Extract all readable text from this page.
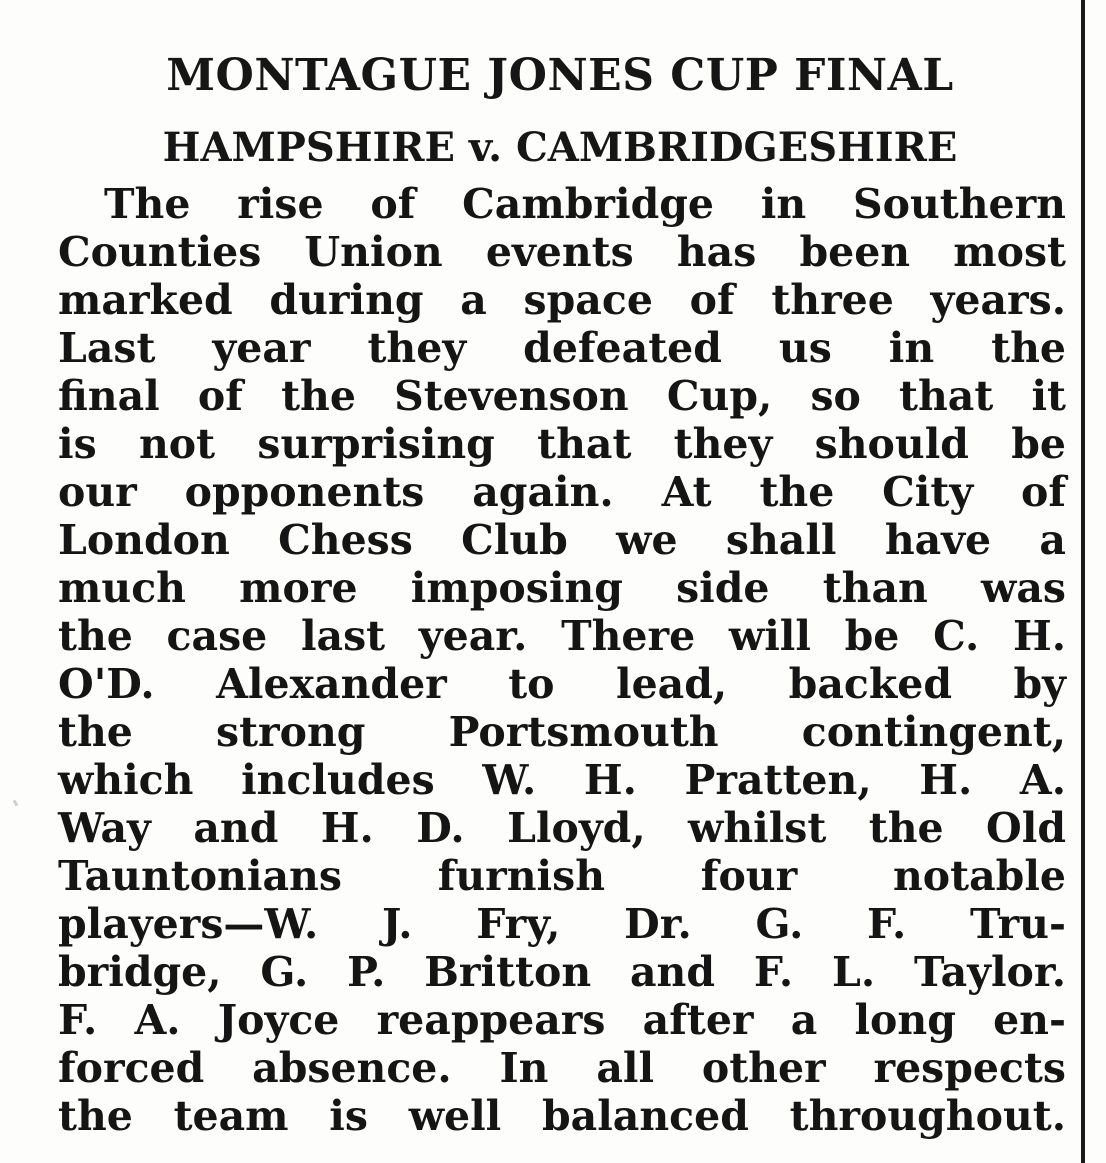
MONTAGUE JONES CUP FINAL
HAMPSHIRE v. CAMBRIDGESHIRE
The rise of Cambridge in Southern
Counties Union events has been most
marked during a space of three years.
Last year they defeated us in the
final of the Stevenson Cup, so that it
is not surprising that they should be
our opponents again. At the City of
London Chess Club we shall have a
much more imposing side than was
the case last year. There will be C. H.
O'D. Alexander to lead, backed by
the strong Portsmouth contingent,
which includes W. H. Pratten, H. A.
Way and H. D. Lloyd, whilst the Old
Tauntonians furnish four notable
players—W. J. Fry, Dr. G. F. Tru-
bridge, G. P. Britton and F. L. Taylor.
F. A. Joyce reappears after a long en-
forced absence. In all other respects
the team is well balanced throughout.
